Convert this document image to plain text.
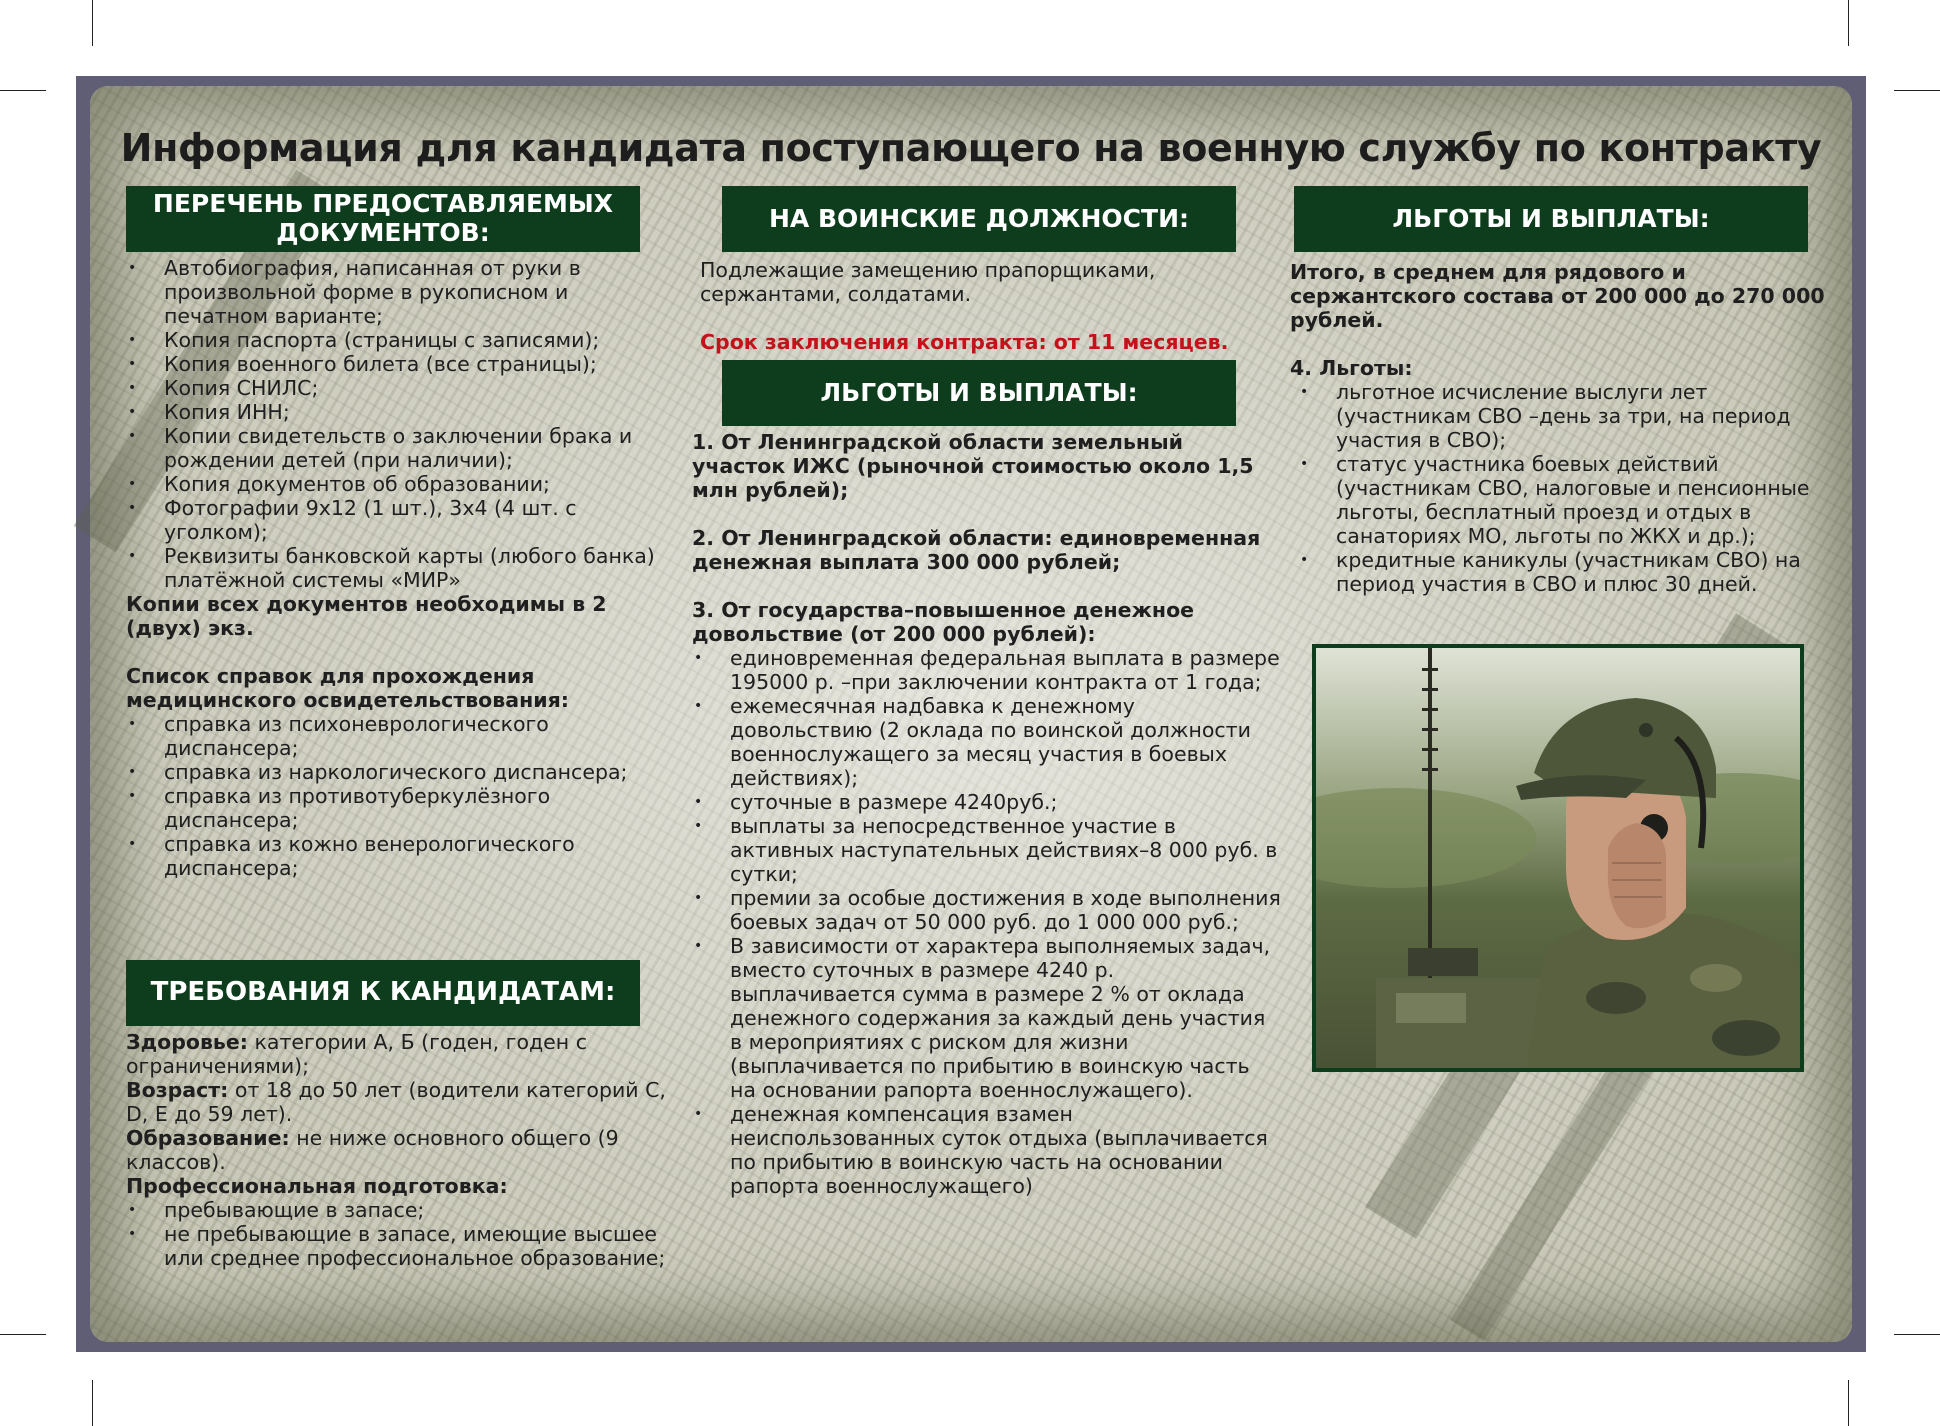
Информация для кандидата поступающего на военную службу по контракту
ПЕРЕЧЕНЬ ПРЕДОСТАВЛЯЕМЫХ ДОКУМЕНТОВ:
• Автобиография, написанная от руки в произвольной форме в рукописном и печатном варианте;
• Копия паспорта (страницы с записями);
• Копия военного билета (все страницы);
• Копия СНИЛС;
• Копия ИНН;
• Копии свидетельств о заключении брака и рождении детей (при наличии);
• Копия документов об образовании;
• Фотографии 9х12 (1 шт.), 3х4 (4 шт. с уголком);
• Реквизиты банковской карты (любого банка) платёжной системы «МИР»

Копии всех документов необходимы в 2 (двух) экз.

Список справок для прохождения медицинского освидетельствования:

• справка из психоневрологического диспансера;
• справка из наркологического диспансера;
• справка из противотуберкулёзного диспансера;
• справка из кожно венерологического диспансера;
ТРЕБОВАНИЯ К КАНДИДАТАМ:

Здоровье: категории А, Б (годен, годен с ограничениями);

Возраст: от 18 до 50 лет (водители категорий С, D, Е до 59 лет).

Образование: не ниже основного общего (9 классов).

Профессиональная подготовка:

• пребывающие в запасе;
• не пребывающие в запасе, имеющие высшее или среднее профессиональное образование;
НА ВОИНСКИЕ ДОЛЖНОСТИ:

Подлежащие замещению прапорщиками, сержантами, солдатами.

Срок заключения контракта: от 11 месяцев.

ЛЬГОТЫ И ВЫПЛАТЫ:

1. От Ленинградской области земельный участок ИЖС (рыночной стоимостью около 1,5 млн рублей);

2. От Ленинградской области: единовременная денежная выплата 300 000 рублей;

3. От государства–повышенное денежное довольствие (от 200 000 рублей):

• единовременная федеральная выплата в размере 195000 р. –при заключении контракта от 1 года;
• ежемесячная надбавка к денежному довольствию (2 оклада по воинской должности военнослужащего за месяц участия в боевых действиях);
• суточные в размере 4240руб.;
• выплаты за непосредственное участие в активных наступательных действиях–8 000 руб. в сутки;
• премии за особые достижения в ходе выполнения боевых задач от 50 000 руб. до 1 000 000 руб.;
• В зависимости от характера выполняемых задач, вместо суточных в размере 4240 р. выплачивается сумма в размере 2 % от оклада денежного содержания за каждый день участия в мероприятиях с риском для жизни (выплачивается по прибытию в воинскую часть на основании рапорта военнослужащего).
• денежная компенсация взамен неиспользованных суток отдыха (выплачивается по прибытию в воинскую часть на основании рапорта военнослужащего)
ЛЬГОТЫ И ВЫПЛАТЫ:

Итого, в среднем для рядового и сержантского состава от 200 000 до 270 000 рублей.

4. Льготы:

• льготное исчисление выслуги лет (участникам СВО –день за три, на период участия в СВО);
• статус участника боевых действий (участникам СВО, налоговые и пенсионные льготы, бесплатный проезд и отдых в санаториях МО, льготы по ЖКХ и др.);
• кредитные каникулы (участникам СВО) на период участия в СВО и плюс 30 дней.
